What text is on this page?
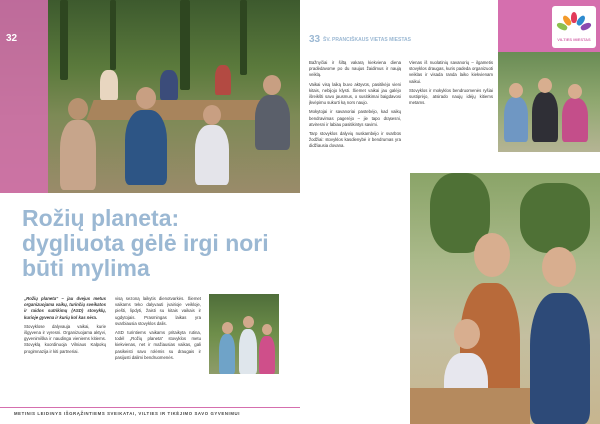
32
Rožių planeta:
dygliuota gėlė irgi nori
būti mylima

„Rožių planeta“ – jau dvejus metus organizuojama vaikų, turinčių sveikatos ir raidos sutrikimų (ASD) stovyklų, kurioje gyvena ir kurių kol kas nėra.

Stovyklose dalyvauja vaikai, kurie išgyvena ir vyresni. Organizuojama aktyvi, gyvenimiška ir naudinga vieniems kitiems. Stovyklą koordinuoja Vilniaus Kalpokų progimnazija ir kiti partneriai.

visą sezoną laikytis dienotvarkės. Šiemet vaikams teko dalyvauti įvairioje veikloje, piešti, lipdyti, žaisti su kitais vaikais ir ugdytojais. Prasmingas laikas yra svarbiausia stovyklos dalis.

ASD turintiems vaikams pritaikyta rutina, todėl „Rožių planeta“ stovyklos metu kiekvienas, net ir mažiausias vaikas, gali pasikeisti savo rolėmis su draugais ir pasijusti dalimi bendruomenės.

METINIS LEIDINYS IŠGRĄŽINTIEMS SVEIKATAI, VILTIES IR TIKĖJIMO SAVO GYVENIMUI
33 ŠV. PRANCIŠKAUS VIETAS MIESTAS

Bažnyčiai ir šiltą vakarą kiekviena diena pradėdavome po du naujus žaidimus ir naują veiklą.

Vaikai visą laiką buvo aktyvūs, pasitikėjo vieni kitais, nebijojo klysti. Šiemet vaikai jau galėjo išreikšti savo jausmus, o susitikimai baigdavosi įkvėpimu sukurti ką nors naujo.

Mokytojai ir savanoriai pastebėjo, kad vaikų bendravimas pagerėjo – jie tapo drąsesni, atviresni ir labiau pasitikintys savimi.

Tarp stovyklos dalyvių nuskambėjo ir svarbūs žodžiai: stovyklos kasdienybė ir bendrumas yra didžiausia dovana.

Vienas iš nuolatinių savanorių – ilgametis stovyklos draugas, kuris padeda organizuoti veiklas ir visada randa laiko kiekvienam vaikui.

Stovyklos ir mokyklos bendruomenės ryšiai sustiprėjo, atsirado naujų idėjų kitiems metams.

VILTIES MIESTAS
